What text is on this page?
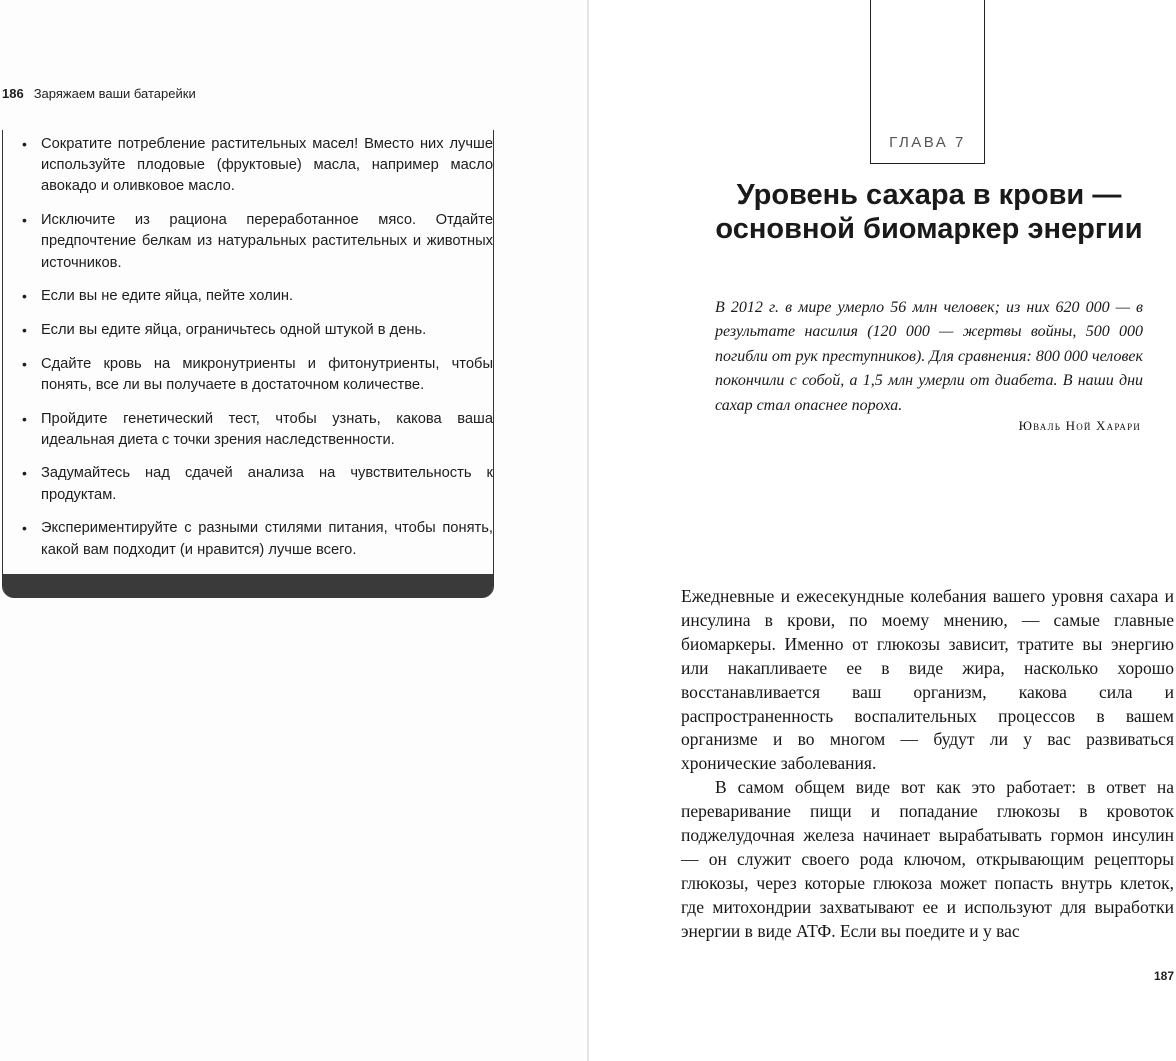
186 Заряжаем ваши батарейки
• Сократите потребление растительных масел! Вместо них лучше используйте плодовые (фруктовые) масла, например масло авокадо и оливковое масло.
• Исключите из рациона переработанное мясо. Отдайте предпочтение белкам из натуральных растительных и животных источников.
• Если вы не едите яйца, пейте холин.
• Если вы едите яйца, ограничьтесь одной штукой в день.
• Сдайте кровь на микронутриенты и фитонутриенты, чтобы понять, все ли вы получаете в достаточном количестве.
• Пройдите генетический тест, чтобы узнать, какова ваша идеальная диета с точки зрения наследственности.
• Задумайтесь над сдачей анализа на чувствительность к продуктам.
• Экспериментируйте с разными стилями питания, чтобы понять, какой вам подходит (и нравится) лучше всего.
ГЛАВА 7
Уровень сахара в крови — основной биомаркер энергии
В 2012 г. в мире умерло 56 млн человек; из них 620 000 — в результате насилия (120 000 — жертвы войны, 500 000 погибли от рук преступников). Для сравнения: 800 000 человек покончили с собой, а 1,5 млн умерли от диабета. В наши дни сахар стал опаснее пороха.
Юваль Ной Харари

Ежедневные и ежесекундные колебания вашего уровня сахара и инсулина в крови, по моему мнению, — самые главные биомаркеры. Именно от глюкозы зависит, тратите вы энергию или накапливаете ее в виде жира, насколько хорошо восстанавливается ваш организм, какова сила и распространенность воспалительных процессов в вашем организме и во многом — будут ли у вас развиваться хронические заболевания.

В самом общем виде вот как это работает: в ответ на переваривание пищи и попадание глюкозы в кровоток поджелудочная железа начинает вырабатывать гормон инсулин — он служит своего рода ключом, открывающим рецепторы глюкозы, через которые глюкоза может попасть внутрь клеток, где митохондрии захватывают ее и используют для выработки энергии в виде АТФ. Если вы поедите и у вас

187
